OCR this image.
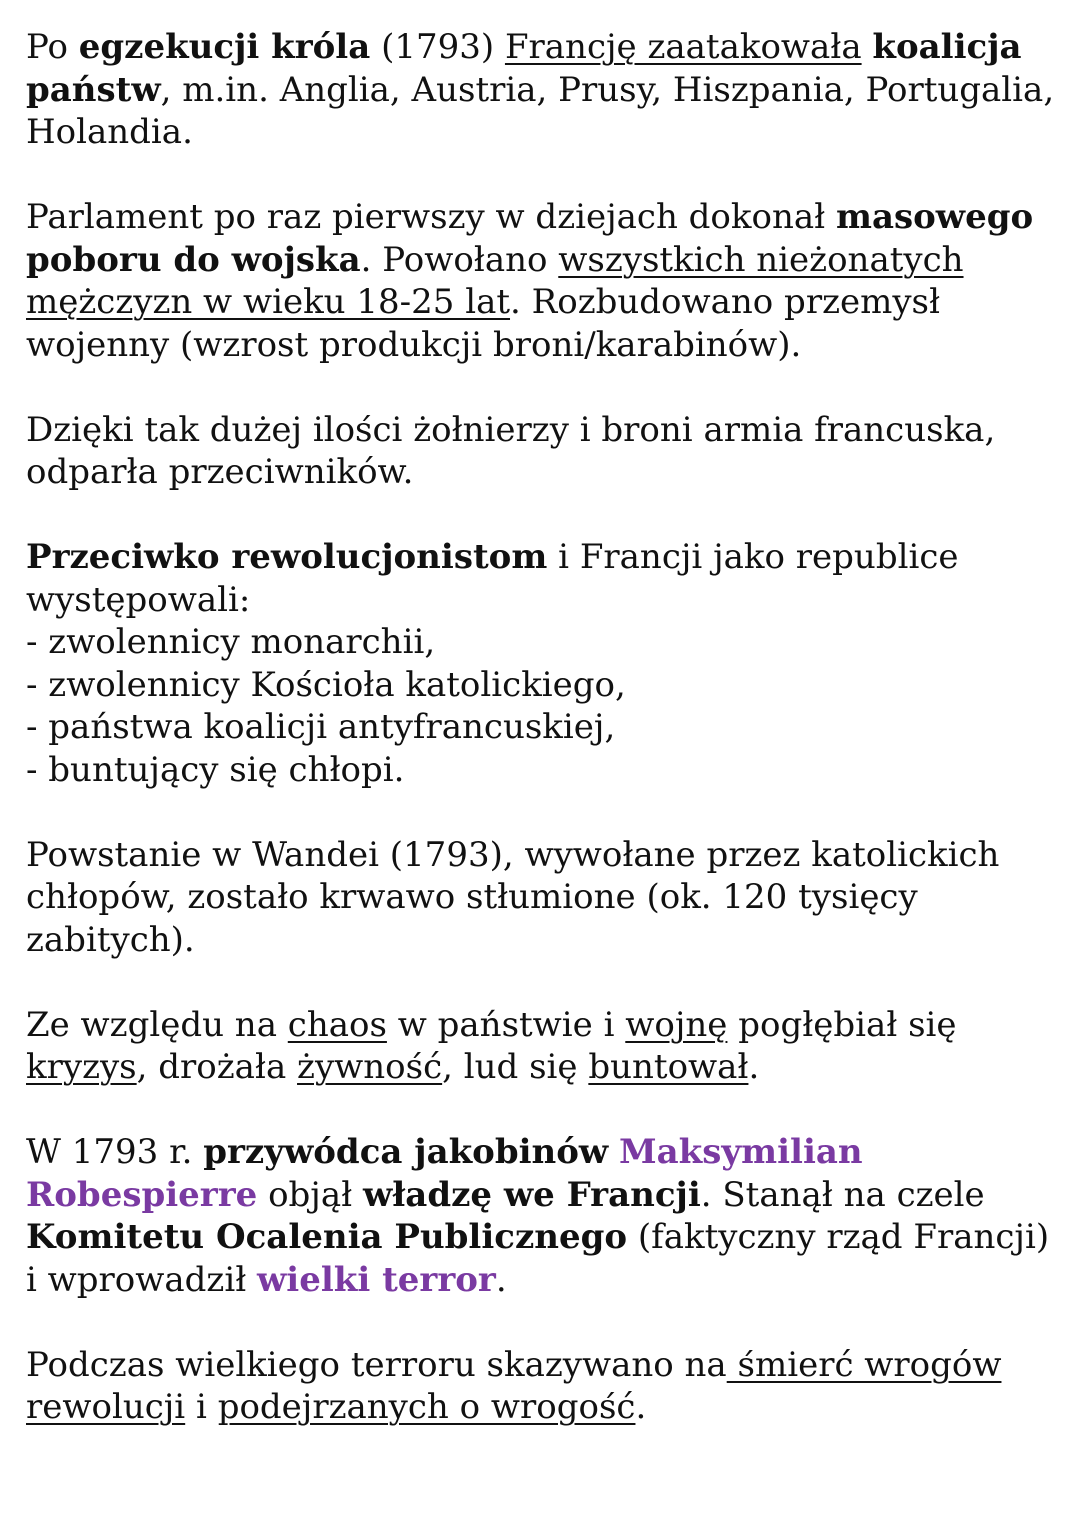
Po egzekucji króla (1793) Francję zaatakowała koalicja państw, m.in. Anglia, Austria, Prusy, Hiszpania, Portugalia, Holandia.

Parlament po raz pierwszy w dziejach dokonał masowego poboru do wojska. Powołano wszystkich nieżonatych mężczyzn w wieku 18-25 lat. Rozbudowano przemysł wojenny (wzrost produkcji broni/karabinów).

Dzięki tak dużej ilości żołnierzy i broni armia francuska, odparła przeciwników.

Przeciwko rewolucjonistom i Francji jako republice występowali:
- zwolennicy monarchii,
- zwolennicy Kościoła katolickiego,
- państwa koalicji antyfrancuskiej,
- buntujący się chłopi.

Powstanie w Wandei (1793), wywołane przez katolickich chłopów, zostało krwawo stłumione (ok. 120 tysięcy zabitych).

Ze względu na chaos w państwie i wojnę pogłębiał się kryzys, drożała żywność, lud się buntował.

W 1793 r. przywódca jakobinów Maksymilian Robespierre objął władzę we Francji. Stanął na czele Komitetu Ocalenia Publicznego (faktyczny rząd Francji) i wprowadził wielki terror.

Podczas wielkiego terroru skazywano na śmierć wrogów rewolucji i podejrzanych o wrogość.
